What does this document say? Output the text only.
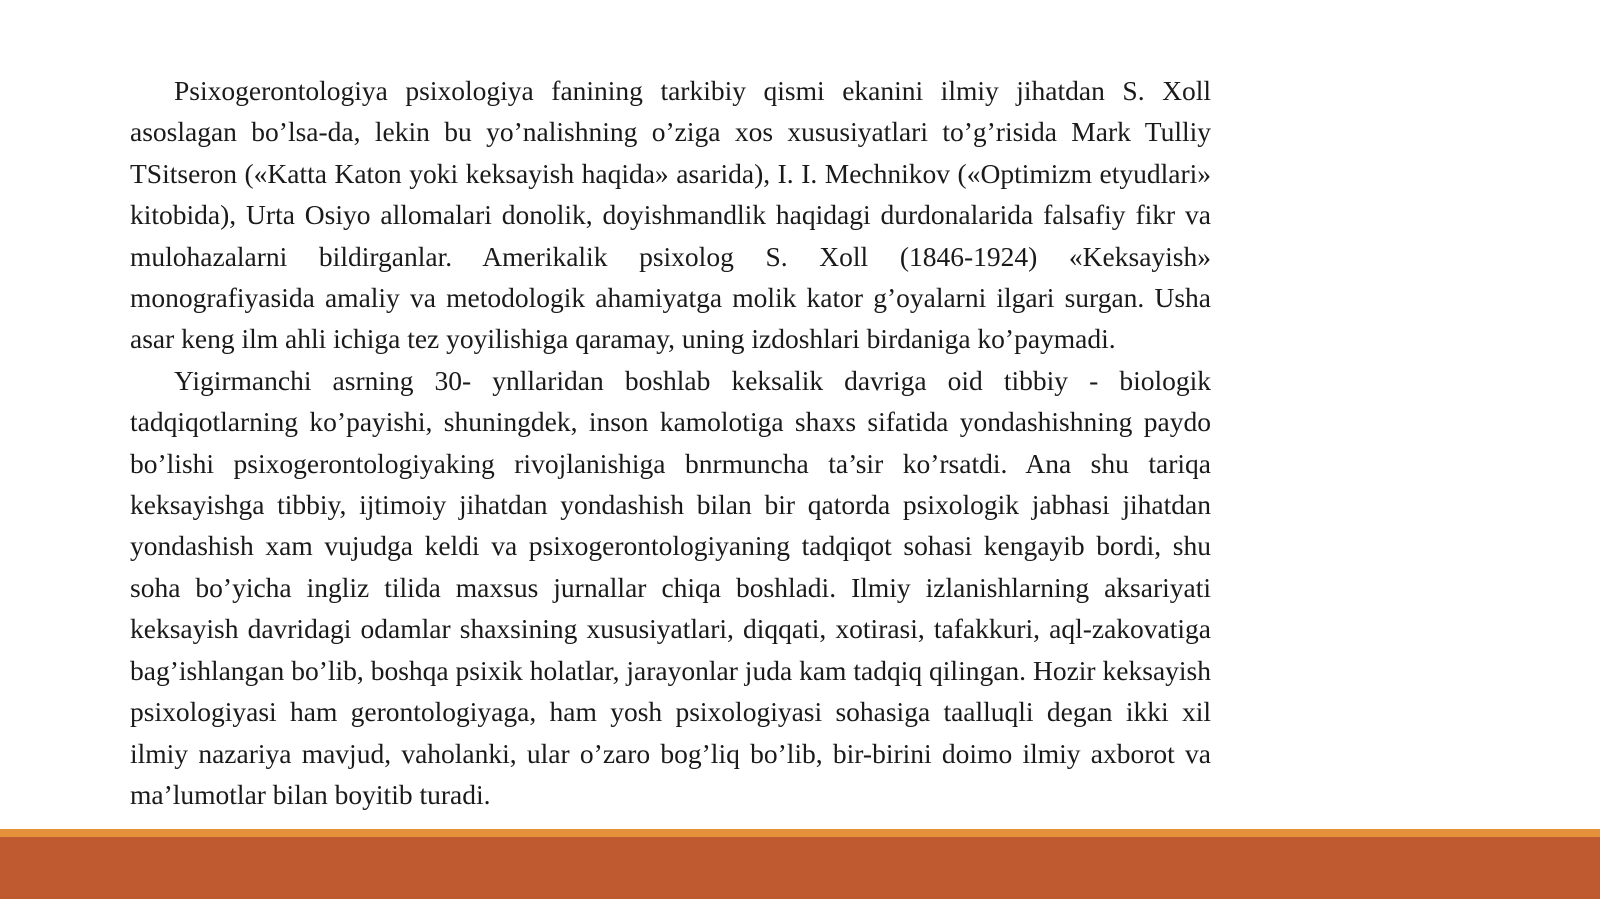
Psixogerontologiya psixologiya fanining tarkibiy qismi ekanini ilmiy jihatdan S. Xoll asoslagan bo’lsa-da, lekin bu yo’nalishning o’ziga xos xususiyatlari to’g’risida Mark Tulliy TSitseron («Katta Katon yoki keksayish haqida» asarida), I. I. Mechnikov («Optimizm etyudlari» kitobida), Urta Osiyo allomalari donolik, doyishmandlik haqidagi durdonalarida falsafiy fikr va mulohazalarni bildirganlar. Amerikalik psixolog S. Xoll (1846-1924) «Keksayish» monografiyasida amaliy va metodologik ahamiyatga molik kator g’oyalarni ilgari surgan. Usha asar keng ilm ahli ichiga tez yoyilishiga qaramay, uning izdoshlari birdaniga ko’paymadi.

Yigirmanchi asrning 30- ynllaridan boshlab keksalik davriga oid tibbiy - biologik tadqiqotlarning ko’payishi, shuningdek, inson kamolotiga shaxs sifatida yondashishning paydo bo’lishi psixogerontologiyaking rivojlanishiga bnrmuncha ta’sir ko’rsatdi. Ana shu tariqa keksayishga tibbiy, ijtimoiy jihatdan yondashish bilan bir qatorda psixologik jabhasi jihatdan yondashish xam vujudga keldi va psixogerontologiyaning tadqiqot sohasi kengayib bordi, shu soha bo’yicha ingliz tilida maxsus jurnallar chiqa boshladi. Ilmiy izlanishlarning aksariyati keksayish davridagi odamlar shaxsining xususiyatlari, diqqati, xotirasi, tafakkuri, aql-zakovatiga bag’ishlangan bo’lib, boshqa psixik holatlar, jarayonlar juda kam tadqiq qilingan. Hozir keksayish psixologiyasi ham gerontologiyaga, ham yosh psixologiyasi sohasiga taalluqli degan ikki xil ilmiy nazariya mavjud, vaholanki, ular o’zaro bog’liq bo’lib, bir-birini doimo ilmiy axborot va ma’lumotlar bilan boyitib turadi.
